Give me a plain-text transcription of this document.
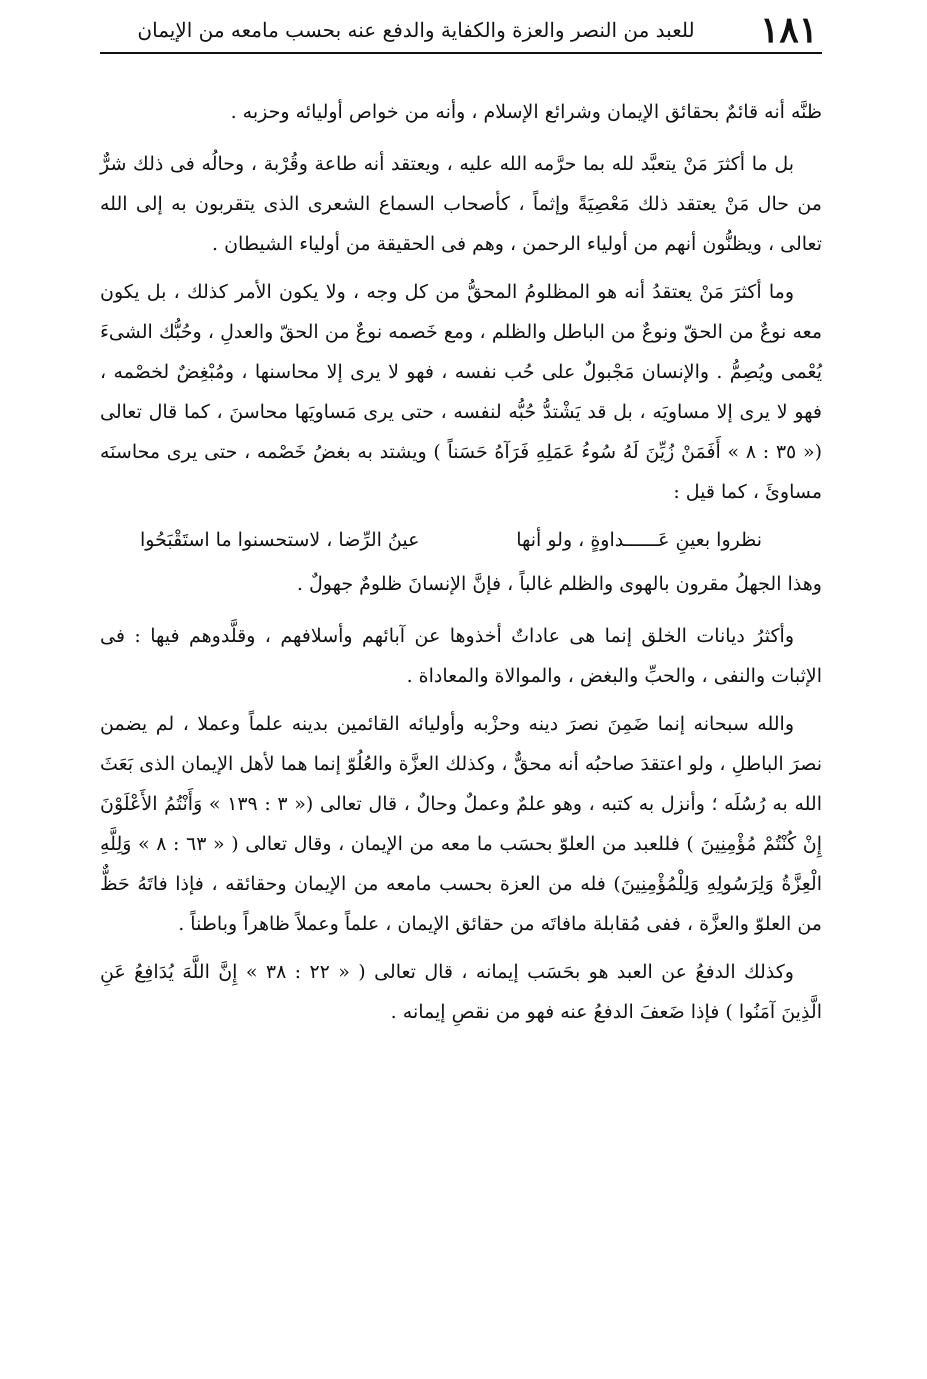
١٨١
للعبد من النصر والعزة والكفاية والدفع عنه بحسب مامعه من الإيمان

ظنَّه أنه قائمٌ بحقائق الإيمان وشرائع الإسلام ، وأنه من خواص أوليائه وحزبه .

بل ما أكثرَ مَنْ يتعبَّد لله بما حرَّمه الله عليه ، ويعتقد أنه طاعة وقُرْبة ، وحالُه فى ذلك شرٌّ من حال مَنْ يعتقد ذلك مَعْصِيَةً وإثماً ، كأصحاب السماع الشعرى الذى يتقربون به إلى الله تعالى ، ويظنُّون أنهم من أولياء الرحمن ، وهم فى الحقيقة من أولياء الشيطان .

وما أكثرَ مَنْ يعتقدُ أنه هو المظلومُ المحقُّ من كل وجه ، ولا يكون الأمر كذلك ، بل يكون معه نوعٌ من الحقّ ونوعٌ من الباطل والظلم ، ومع خَصمه نوعٌ من الحقّ والعدلِ ، وحُبُّك الشىءَ يُعْمى ويُصِمُّ . والإنسان مَجْبولٌ على حُب نفسه ، فهو لا يرى إلا محاسنها ، ومُبْغِضٌ لخصْمه ، فهو لا يرى إلا مساويَه ، بل قد يَشْتدُّ حُبُّه لنفسه ، حتى يرى مَساويَها محاسنَ ، كما قال تعالى (« ٣٥ : ٨ » أَفَمَنْ زُيِّنَ لَهُ سُوءُ عَمَلِهِ فَرَآهُ حَسَناً ) ويشتد به بغضُ خَصْمه ، حتى يرى محاسنَه مساوئَ ، كما قيل :

نظروا بعينِ عَــــــداوةٍ ، ولو أنها
عينُ الرِّضا ، لاستحسنوا ما استَقْبَحُوا

وهذا الجهلُ مقرون بالهوى والظلم غالباً ، فإنَّ الإنسانَ ظلومٌ جهولٌ .

وأكثرُ ديانات الخلق إنما هى عاداتٌ أخذوها عن آبائهم وأسلافهم ، وقلَّدوهم فيها : فى الإثبات والنفى ، والحبِّ والبغض ، والموالاة والمعاداة .

والله سبحانه إنما ضَمِنَ نصرَ دينه وحزْبه وأوليائه القائمين بدينه علماً وعملا ، لم يضمن نصرَ الباطلِ ، ولو اعتقدَ صاحبُه أنه محقٌّ ، وكذلك العزَّة والعُلُوّ إنما هما لأهل الإيمان الذى بَعَثَ الله به رُسُلَه ؛ وأنزل به كتبه ، وهو علمٌ وعملٌ وحالٌ ، قال تعالى (« ٣ : ١٣٩ » وَأَنْتُمُ الأَعْلَوْنَ إِنْ كُنْتُمْ مُؤْمِنِينَ ) فللعبد من العلوّ بحسَب ما معه من الإيمان ، وقال تعالى ( « ٦٣ : ٨ » وَلِلَّهِ الْعِزَّةُ وَلِرَسُولِهِ وَلِلْمُؤْمِنِينَ) فله من العزة بحسب مامعه من الإيمان وحقائقه ، فإذا فاتَهُ حَظٌّ من العلوّ والعزَّة ، ففى مُقابلة مافاتَه من حقائق الإيمان ، علماً وعملاً ظاهراً وباطناً .

وكذلك الدفعُ عن العبد هو بحَسَب إيمانه ، قال تعالى ( « ٢٢ : ٣٨ » إِنَّ اللَّهَ يُدَافِعُ عَنِ الَّذِينَ آمَنُوا ) فإذا ضَعفَ الدفعُ عنه فهو من نقصِ إيمانه .
